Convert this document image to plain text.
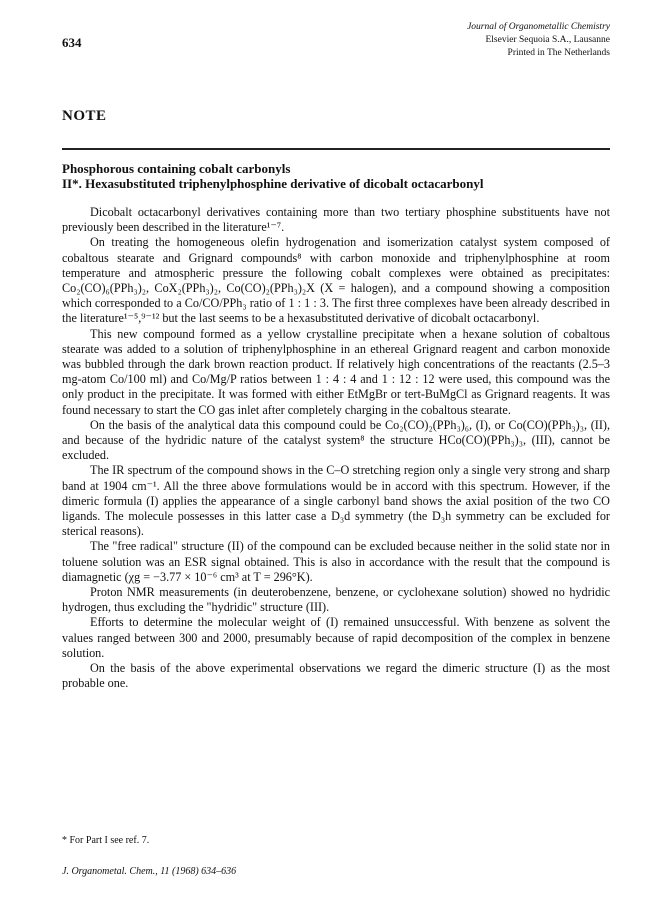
634
Journal of Organometallic Chemistry
Elsevier Sequoia S.A., Lausanne
Printed in The Netherlands
NOTE
Phosphorous containing cobalt carbonyls
II*. Hexasubstituted triphenylphosphine derivative of dicobalt octacarbonyl

Dicobalt octacarbonyl derivatives containing more than two tertiary phosphine substituents have not previously been described in the literature¹⁻⁷.

On treating the homogeneous olefin hydrogenation and isomerization catalyst system composed of cobaltous stearate and Grignard compounds⁸ with carbon monoxide and triphenylphosphine at room temperature and atmospheric pressure the following cobalt complexes were obtained as precipitates: Co₂(CO)₆(PPh₃)₂, CoX₂(PPh₃)₂, Co(CO)₂(PPh₃)₂X (X = halogen), and a compound showing a composition which corresponded to a Co/CO/PPh₃ ratio of 1 : 1 : 3. The first three complexes have been already described in the literature¹⁻⁵,⁹⁻¹² but the last seems to be a hexasubstituted derivative of dicobalt octacarbonyl.

This new compound formed as a yellow crystalline precipitate when a hexane solution of cobaltous stearate was added to a solution of triphenylphosphine in an ethereal Grignard reagent and carbon monoxide was bubbled through the dark brown reaction product. If relatively high concentrations of the reactants (2.5–3 mg-atom Co/100 ml) and Co/Mg/P ratios between 1 : 4 : 4 and 1 : 12 : 12 were used, this compound was the only product in the precipitate. It was formed with either EtMgBr or tert-BuMgCl as Grignard reagents. It was found necessary to start the CO gas inlet after completely charging in the cobaltous stearate.

On the basis of the analytical data this compound could be Co₂(CO)₂(PPh₃)₆, (I), or Co(CO)(PPh₃)₃, (II), and because of the hydridic nature of the catalyst system⁸ the structure HCo(CO)(PPh₃)₃, (III), cannot be excluded.

The IR spectrum of the compound shows in the C–O stretching region only a single very strong and sharp band at 1904 cm⁻¹. All the three above formulations would be in accord with this spectrum. However, if the dimeric formula (I) applies the appearance of a single carbonyl band shows the axial position of the two CO ligands. The molecule possesses in this latter case a D₃d symmetry (the D₃h symmetry can be excluded for sterical reasons).

The "free radical" structure (II) of the compound can be excluded because neither in the solid state nor in toluene solution was an ESR signal obtained. This is also in accordance with the result that the compound is diamagnetic (χg = −3.77 × 10⁻⁶ cm³ at T = 296°K).

Proton NMR measurements (in deuterobenzene, benzene, or cyclohexane solution) showed no hydridic hydrogen, thus excluding the "hydridic" structure (III).

Efforts to determine the molecular weight of (I) remained unsuccessful. With benzene as solvent the values ranged between 300 and 2000, presumably because of rapid decomposition of the complex in benzene solution.

On the basis of the above experimental observations we regard the dimeric structure (I) as the most probable one.

* For Part I see ref. 7.
J. Organometal. Chem., 11 (1968) 634–636
